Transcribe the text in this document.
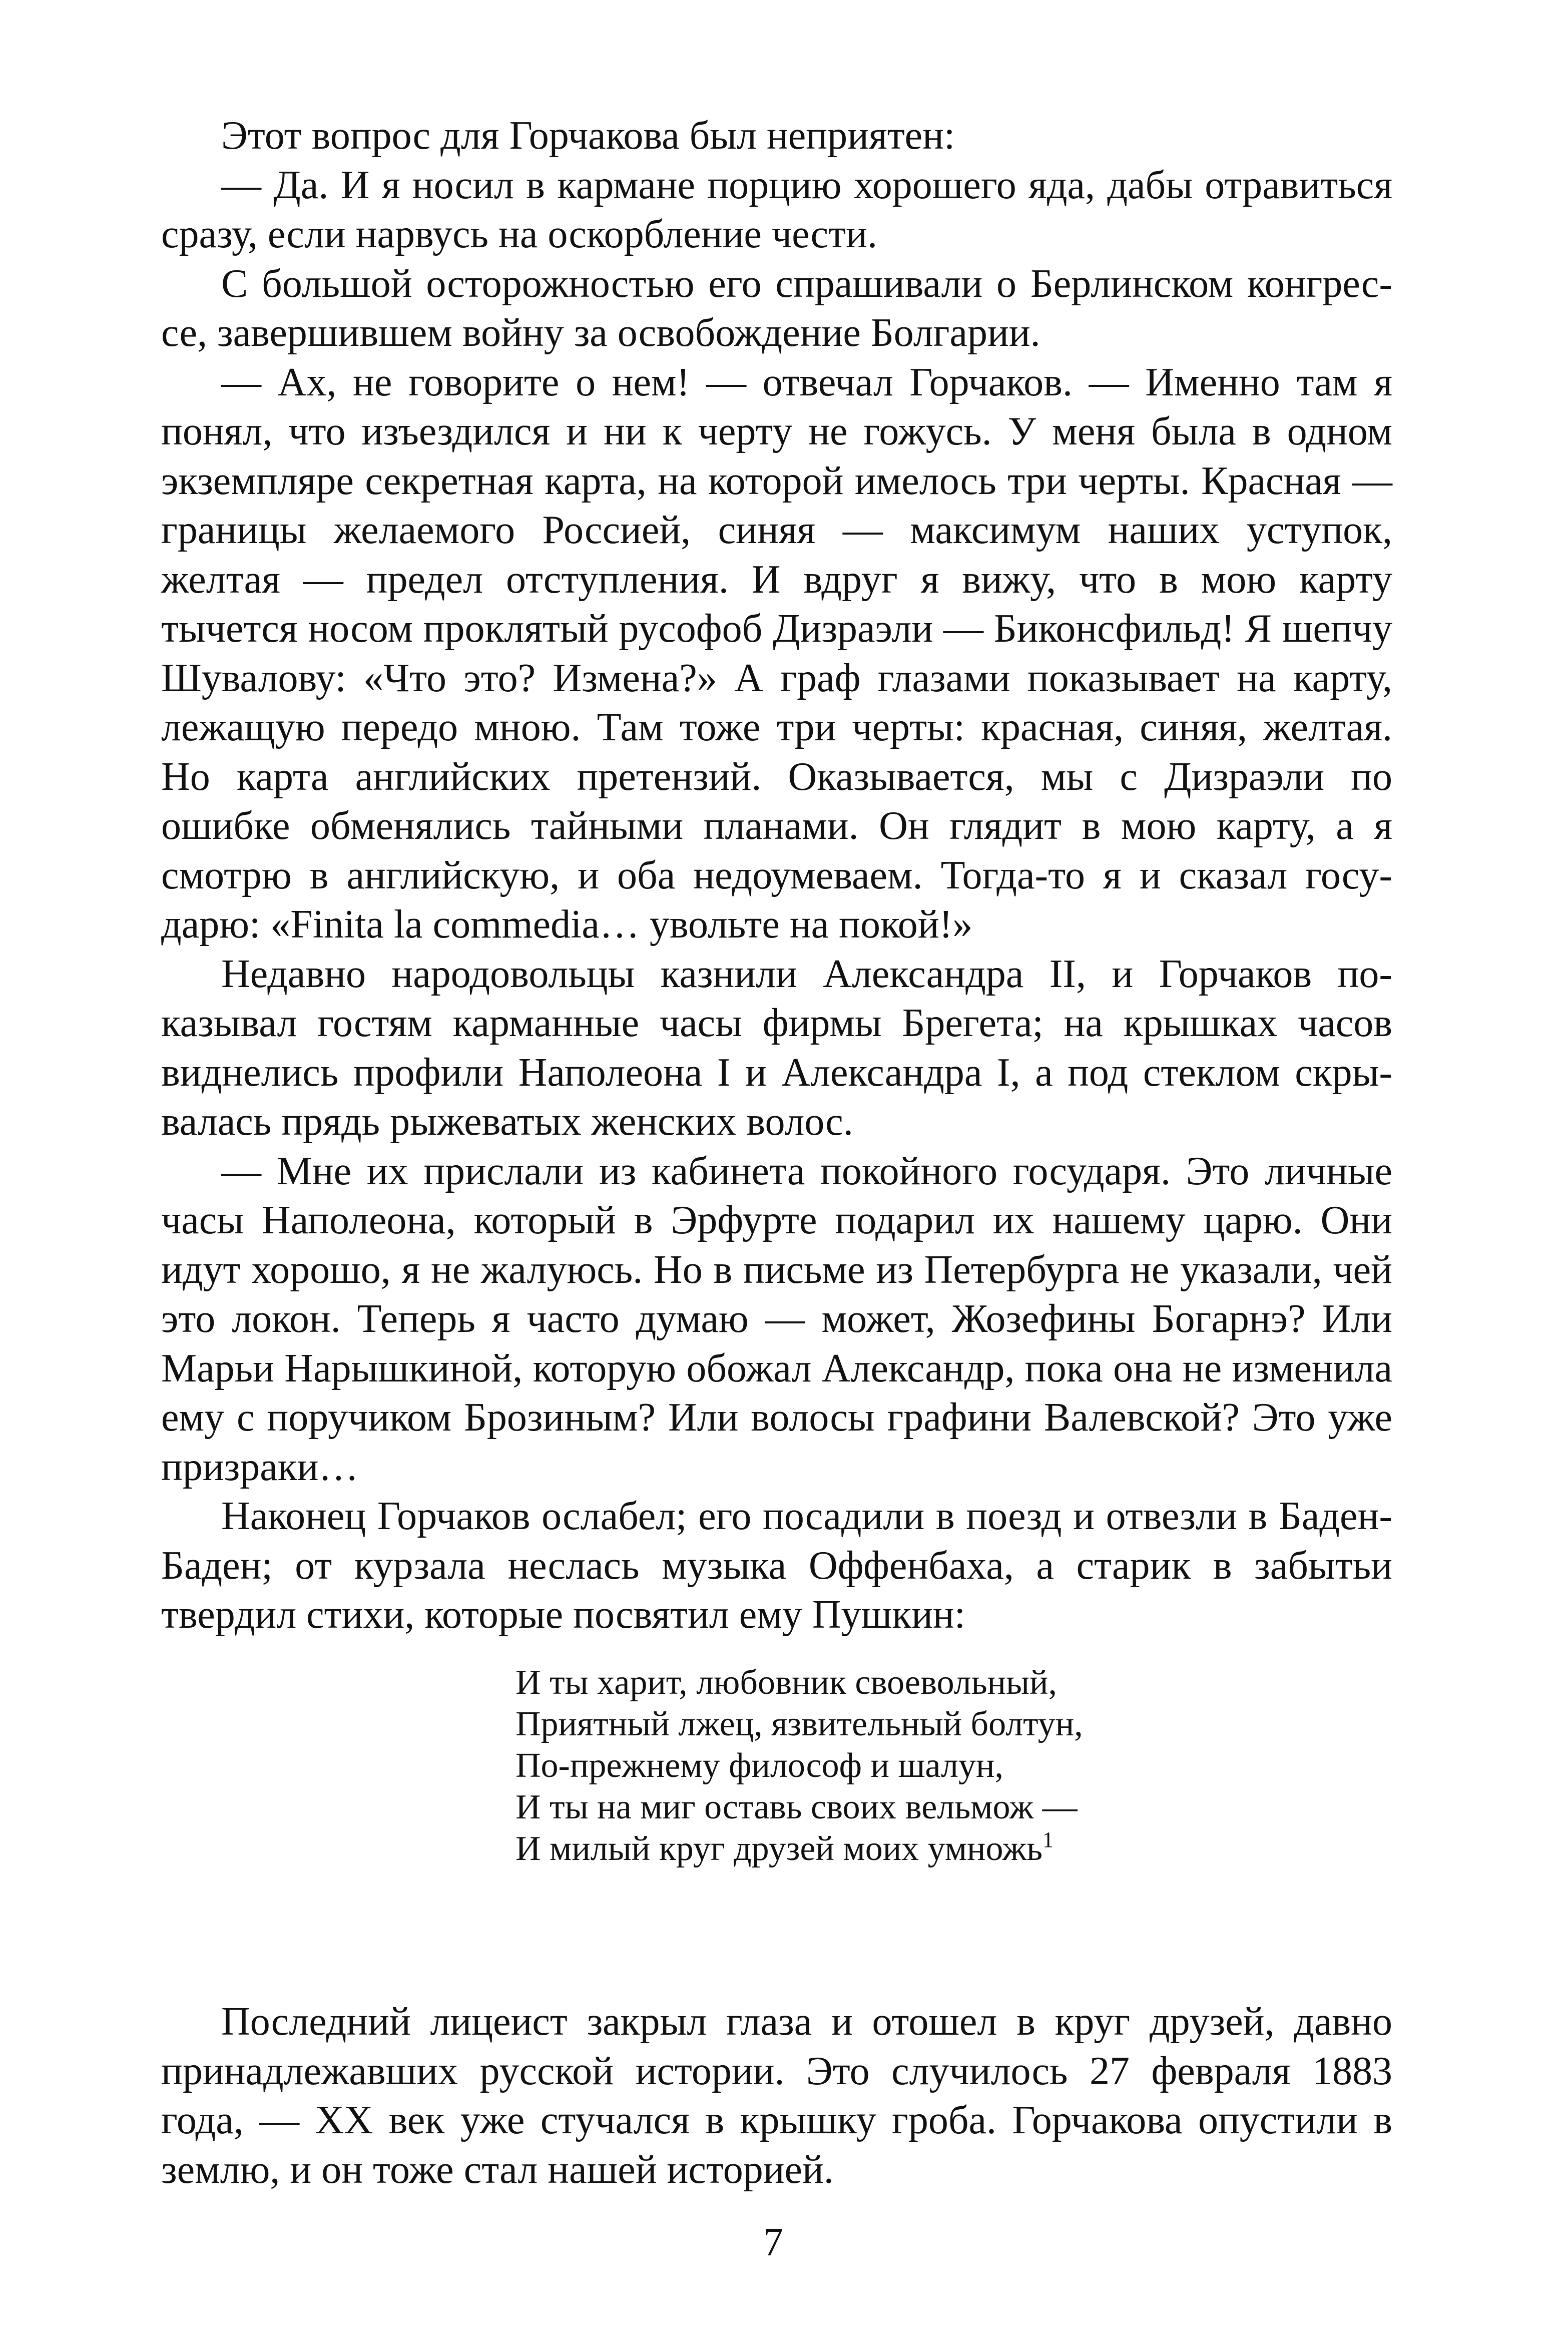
Этот вопрос для Горчакова был неприятен:

— Да. И я носил в кармане порцию хорошего яда, дабы отравиться сразу, если нарвусь на оскорбление чести.

С большой осторожностью его спрашивали о Берлинском конгрессе, завершившем войну за освобождение Болгарии.

— Ах, не говорите о нем! — отвечал Горчаков. — Именно там я понял, что изъездился и ни к черту не гожусь. У меня была в одном экземпляре секретная карта, на которой имелось три черты. Красная — границы желаемого Россией, синяя — максимум наших уступок, желтая — предел отступления. И вдруг я вижу, что в мою карту тычется носом проклятый русофоб Дизраэли — Биконсфильд! Я шепчу Шувалову: «Что это? Измена?» А граф глазами показывает на карту, лежащую передо мною. Там тоже три черты: красная, синяя, желтая. Но карта английских претензий. Оказывается, мы с Дизраэли по ошибке обменялись тайными планами. Он глядит в мою карту, а я смотрю в английскую, и оба недоумеваем. Тогда-то я и сказал государю: «Finita la commedia… увольте на покой!»

Недавно народовольцы казнили Александра II, и Горчаков показывал гостям карманные часы фирмы Брегета; на крышках часов виднелись профили Наполеона I и Александра I, а под стеклом скрывалась прядь рыжеватых женских волос.

— Мне их прислали из кабинета покойного государя. Это личные часы Наполеона, который в Эрфурте подарил их нашему царю. Они идут хорошо, я не жалуюсь. Но в письме из Петербурга не указали, чей это локон. Теперь я часто думаю — может, Жозефины Богарнэ? Или Марьи Нарышкиной, которую обожал Александр, пока она не изменила ему с поручиком Брозиным? Или волосы графини Валевской? Это уже призраки…

Наконец Горчаков ослабел; его посадили в поезд и отвезли в Баден-Баден; от курзала неслась музыка Оффенбаха, а старик в забытьи твердил стихи, которые посвятил ему Пушкин:

И ты харит, любовник своевольный,

Приятный лжец, язвительный болтун,

По-прежнему философ и шалун,

И ты на миг оставь своих вельмож —

И милый круг друзей моих умножь$^1$

Последний лицеист закрыл глаза и отошел в круг друзей, давно принадлежавших русской истории. Это случилось 27 февраля 1883 года, — XX век уже стучался в крышку гроба. Горчакова опустили в землю, и он тоже стал нашей историей.

7
